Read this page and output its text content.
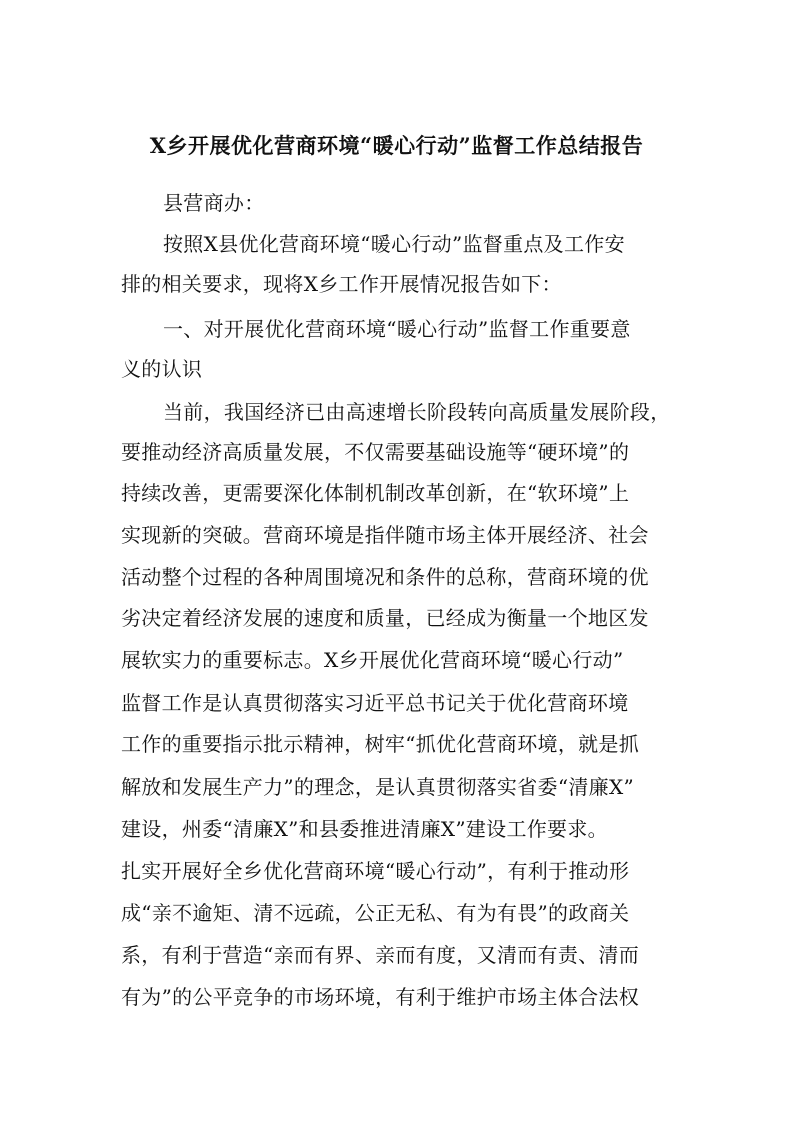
X乡开展优化营商环境“暖心行动”监督工作总结报告
县营商办：
按照X县优化营商环境“暖心行动”监督重点及工作安
排的相关要求，现将X乡工作开展情况报告如下：
一、对开展优化营商环境“暖心行动”监督工作重要意
义的认识
当前，我国经济已由高速增长阶段转向高质量发展阶段，
要推动经济高质量发展，不仅需要基础设施等“硬环境”的
持续改善，更需要深化体制机制改革创新，在“软环境”上
实现新的突破。营商环境是指伴随市场主体开展经济、社会
活动整个过程的各种周围境况和条件的总称，营商环境的优
劣决定着经济发展的速度和质量，已经成为衡量一个地区发
展软实力的重要标志。X乡开展优化营商环境“暖心行动”
监督工作是认真贯彻落实习近平总书记关于优化营商环境
工作的重要指示批示精神，树牢“抓优化营商环境，就是抓
解放和发展生产力”的理念，是认真贯彻落实省委“清廉X”
建设，州委“清廉X”和县委推进清廉X”建设工作要求。
扎实开展好全乡优化营商环境“暖心行动”，有利于推动形
成“亲不逾矩、清不远疏，公正无私、有为有畏”的政商关
系，有利于营造“亲而有界、亲而有度，又清而有责、清而
有为”的公平竞争的市场环境，有利于维护市场主体合法权
